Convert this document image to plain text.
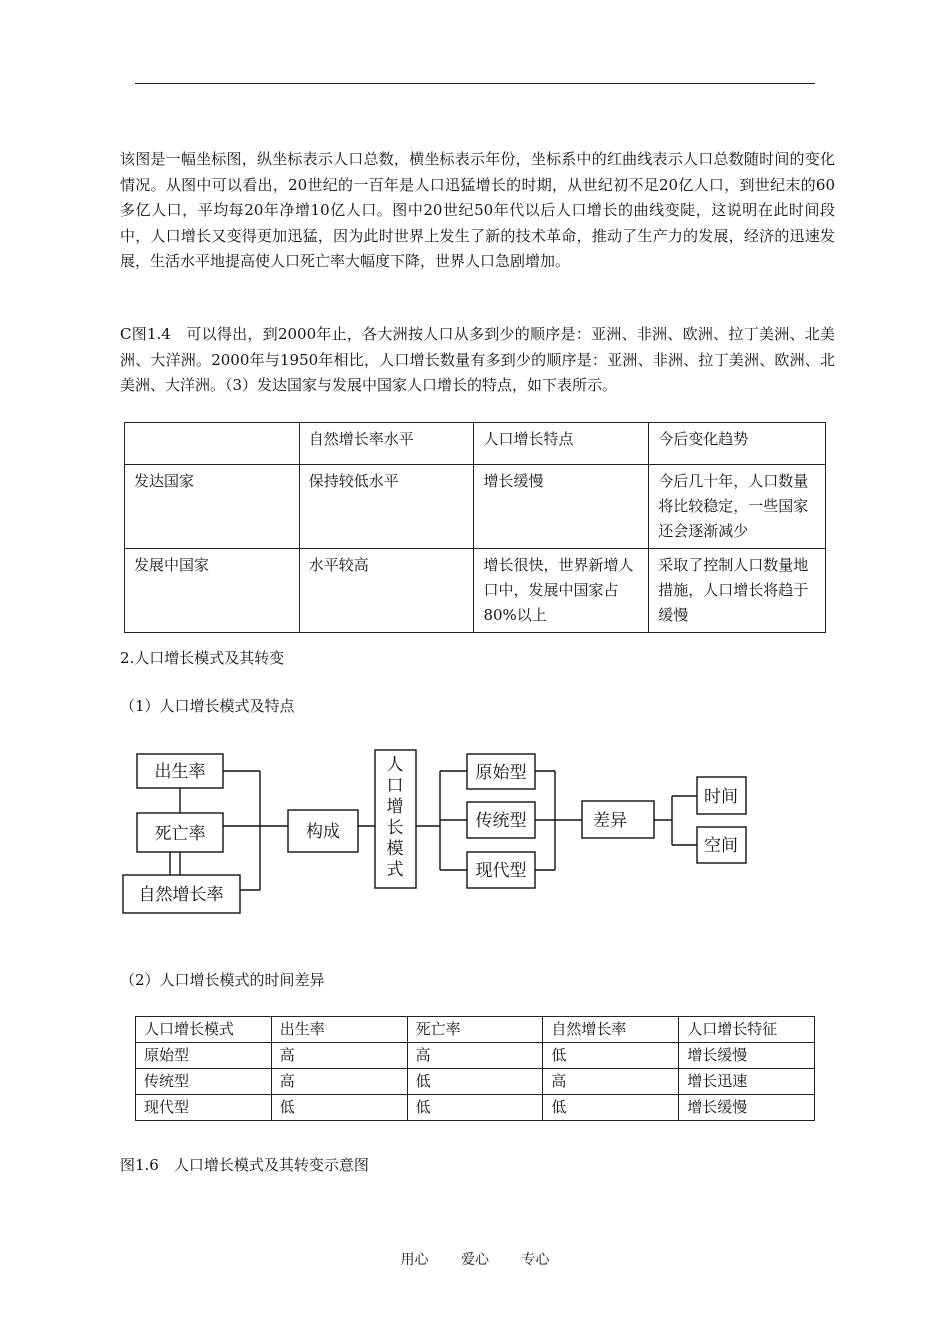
该图是一幅坐标图，纵坐标表示人口总数，横坐标表示年份，坐标系中的红曲线表示人口总数随时间的变化情况。从图中可以看出，20世纪的一百年是人口迅猛增长的时期，从世纪初不足20亿人口，到世纪末的60多亿人口，平均每20年净增10亿人口。图中20世纪50年代以后人口增长的曲线变陡，这说明在此时间段中，人口增长又变得更加迅猛，因为此时世界上发生了新的技术革命，推动了生产力的发展，经济的迅速发展，生活水平地提高使人口死亡率大幅度下降，世界人口急剧增加。

C图1.4　可以得出，到2000年止，各大洲按人口从多到少的顺序是：亚洲、非洲、欧洲、拉丁美洲、北美洲、大洋洲。2000年与1950年相比，人口增长数量有多到少的顺序是：亚洲、非洲、拉丁美洲、欧洲、北美洲、大洋洲。（3）发达国家与发展中国家人口增长的特点，如下表所示。

	自然增长率水平	人口增长特点	今后变化趋势
发达国家	保持较低水平	增长缓慢	今后几十年，人口数量将比较稳定，一些国家还会逐渐减少
发展中国家	水平较高	增长很快，世界新增人口中，发展中国家占80%以上	采取了控制人口数量地措施，人口增长将趋于缓慢
2.人口增长模式及其转变
（1）人口增长模式及特点
出生率
死亡率
自然增长率
构成
人
口
增
长
模
式
原始型
传统型
现代型
差异
时间
空间
（2）人口增长模式的时间差异
人口增长模式	出生率	死亡率	自然增长率	人口增长特征
原始型	高	高	低	增长缓慢
传统型	高	低	高	增长迅速
现代型	低	低	低	增长缓慢
图1.6　人口增长模式及其转变示意图
用心 爱心 专心
